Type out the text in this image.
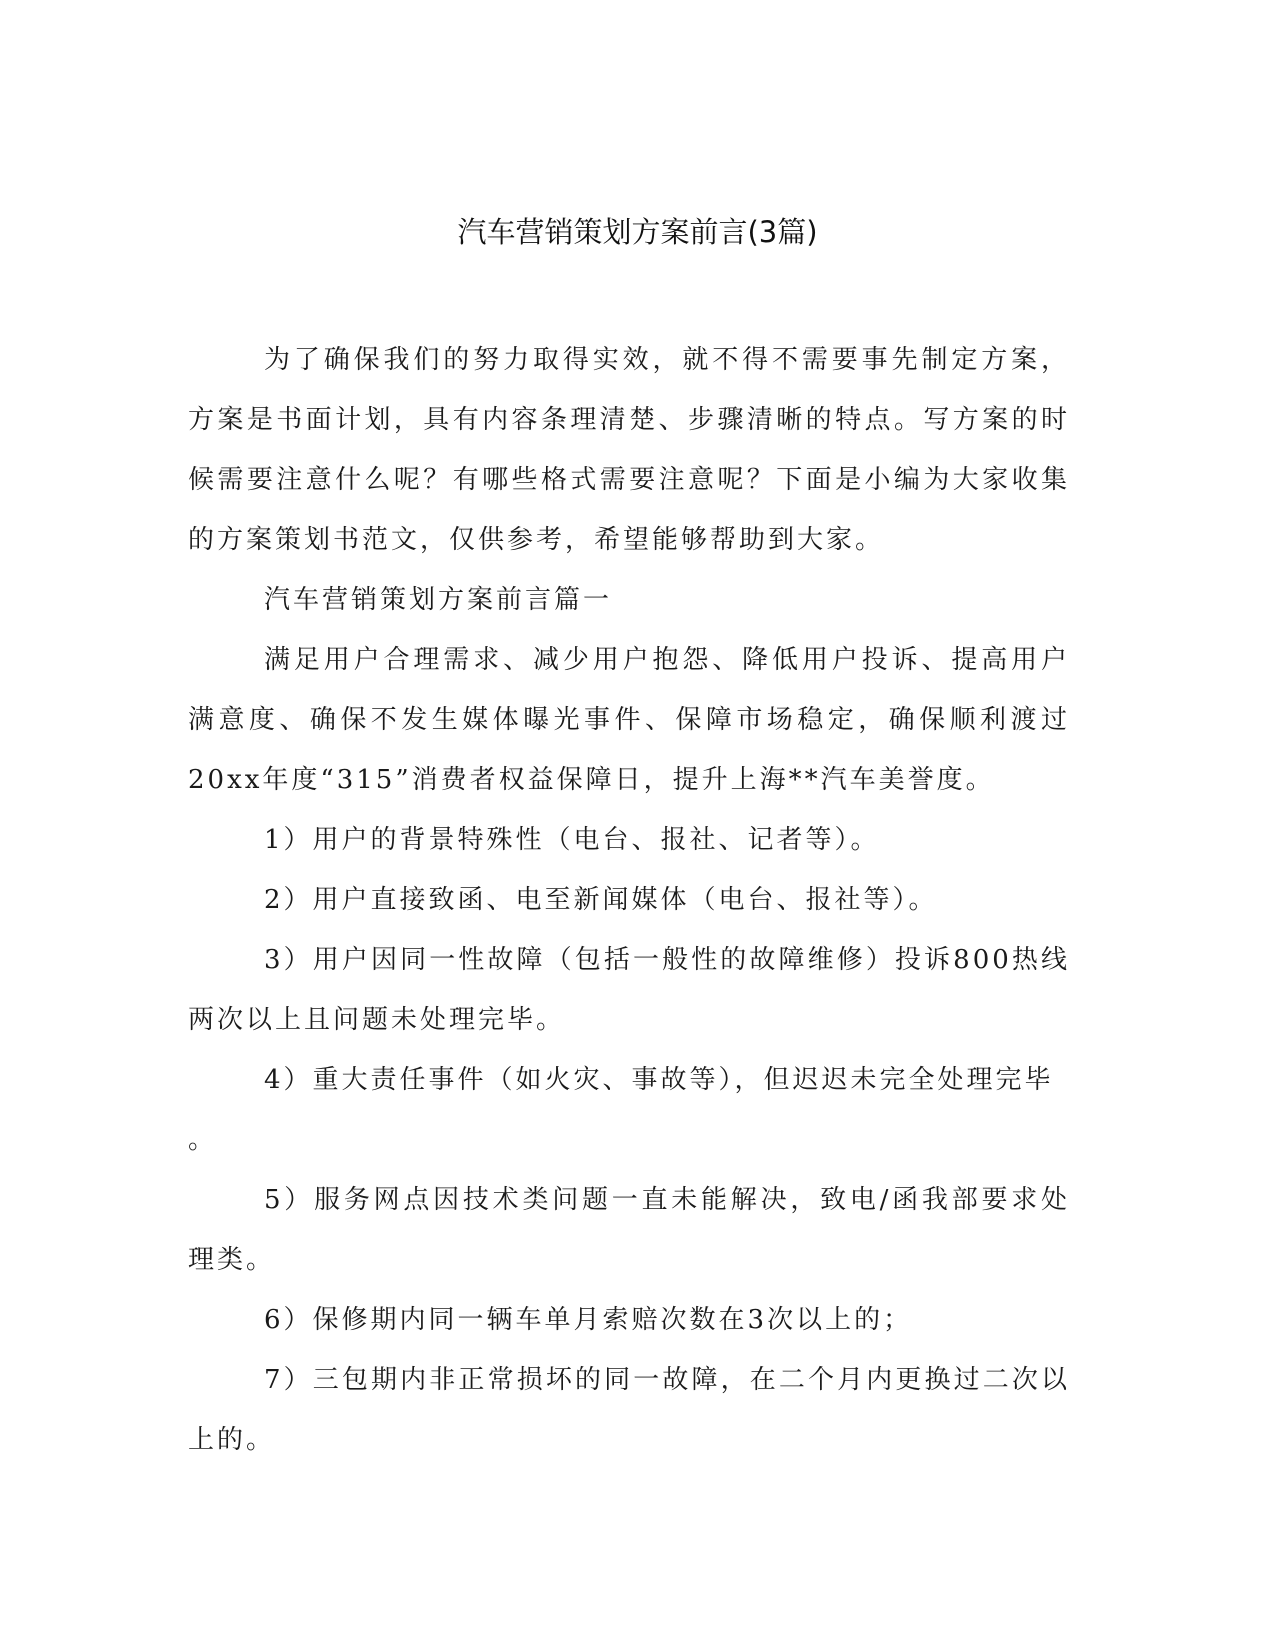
汽车营销策划方案前言(3篇)

为了确保我们的努力取得实效，就不得不需要事先制定方案，方案是书面计划，具有内容条理清楚、步骤清晰的特点。写方案的时候需要注意什么呢？有哪些格式需要注意呢？下面是小编为大家收集的方案策划书范文，仅供参考，希望能够帮助到大家。

汽车营销策划方案前言篇一

满足用户合理需求、减少用户抱怨、降低用户投诉、提高用户满意度、确保不发生媒体曝光事件、保障市场稳定，确保顺利渡过20xx年度“315”消费者权益保障日，提升上海**汽车美誉度。

1）用户的背景特殊性（电台、报社、记者等）。

2）用户直接致函、电至新闻媒体（电台、报社等）。

3）用户因同一性故障（包括一般性的故障维修）投诉800热线两次以上且问题未处理完毕。

4）重大责任事件（如火灾、事故等），但迟迟未完全处理完毕

。

5）服务网点因技术类问题一直未能解决，致电/函我部要求处理类。

6）保修期内同一辆车单月索赔次数在3次以上的；

7）三包期内非正常损坏的同一故障，在二个月内更换过二次以上的。
